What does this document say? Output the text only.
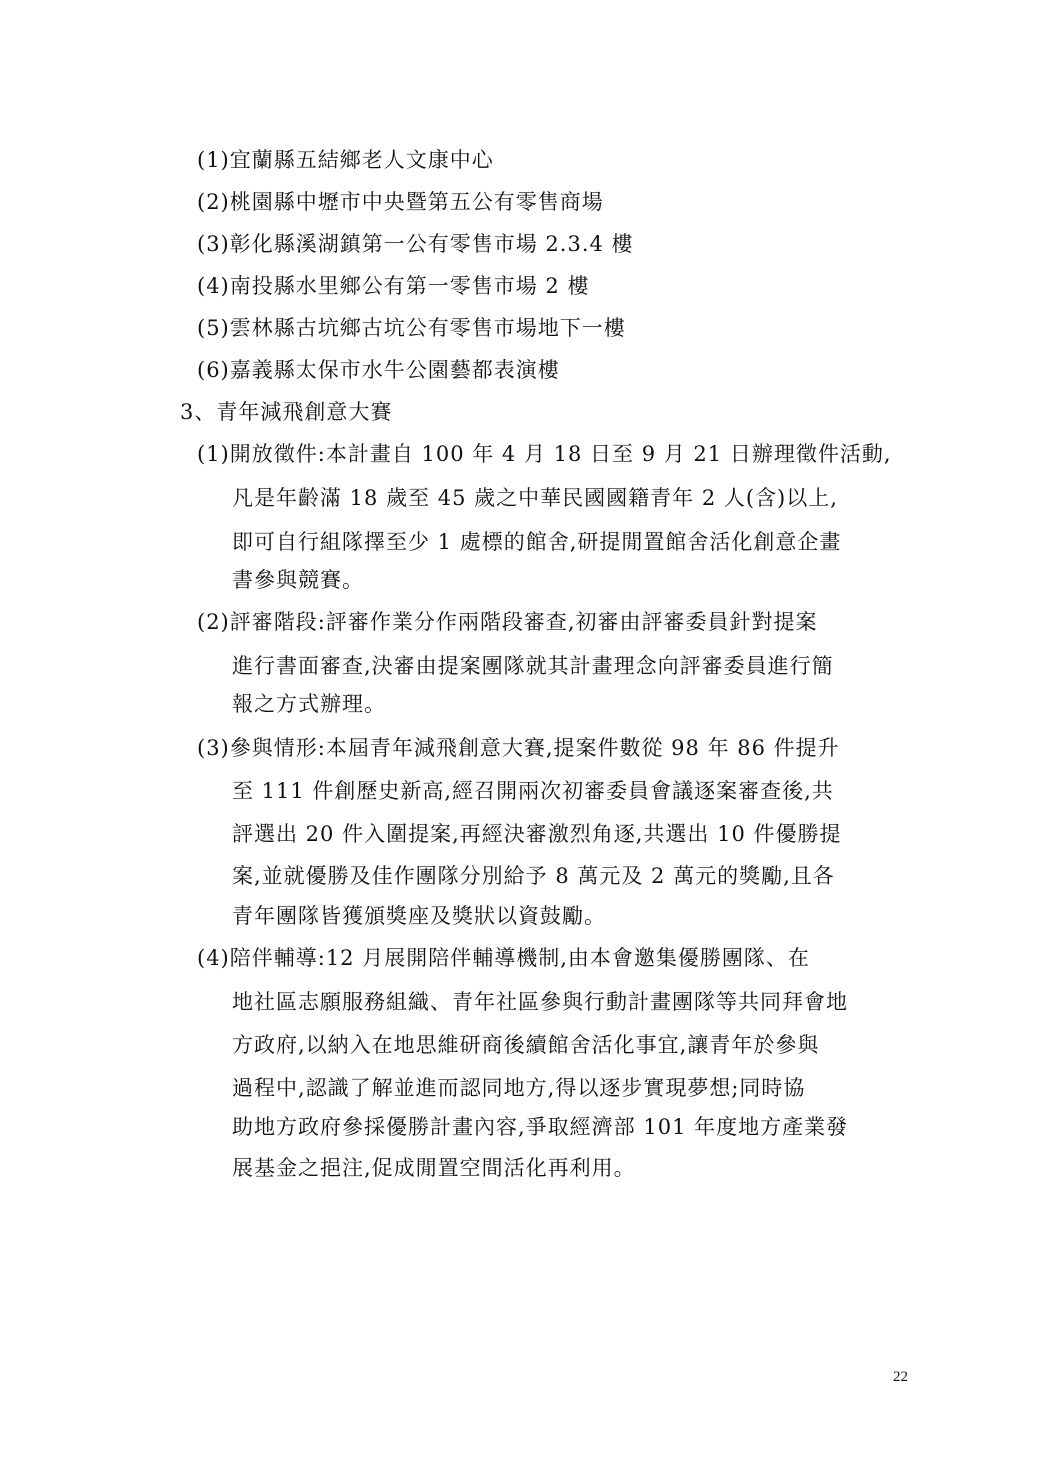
(1)宜蘭縣五結鄉老人文康中心
(2)桃園縣中壢市中央暨第五公有零售商場
(3)彰化縣溪湖鎮第一公有零售市場 2.3.4 樓
(4)南投縣水里鄉公有第一零售市場 2 樓
(5)雲林縣古坑鄉古坑公有零售市場地下一樓
(6)嘉義縣太保市水牛公園藝都表演樓
3、青年減飛創意大賽
(1)開放徵件:本計畫自 100 年 4 月 18 日至 9 月 21 日辦理徵件活動,
凡是年齡滿 18 歲至 45 歲之中華民國國籍青年 2 人(含)以上,
即可自行組隊擇至少 1 處標的館舍,研提閒置館舍活化創意企畫
書參與競賽。
(2)評審階段:評審作業分作兩階段審查,初審由評審委員針對提案
進行書面審查,決審由提案團隊就其計畫理念向評審委員進行簡
報之方式辦理。
(3)參與情形:本屆青年減飛創意大賽,提案件數從 98 年 86 件提升
至 111 件創歷史新高,經召開兩次初審委員會議逐案審查後,共
評選出 20 件入圍提案,再經決審激烈角逐,共選出 10 件優勝提
案,並就優勝及佳作團隊分別給予 8 萬元及 2 萬元的獎勵,且各
青年團隊皆獲頒獎座及獎狀以資鼓勵。
(4)陪伴輔導:12 月展開陪伴輔導機制,由本會邀集優勝團隊、在
地社區志願服務組織、青年社區參與行動計畫團隊等共同拜會地
方政府,以納入在地思維研商後續館舍活化事宜,讓青年於參與
過程中,認識了解並進而認同地方,得以逐步實現夢想;同時協
助地方政府參採優勝計畫內容,爭取經濟部 101 年度地方產業發
展基金之挹注,促成閒置空間活化再利用。
22
